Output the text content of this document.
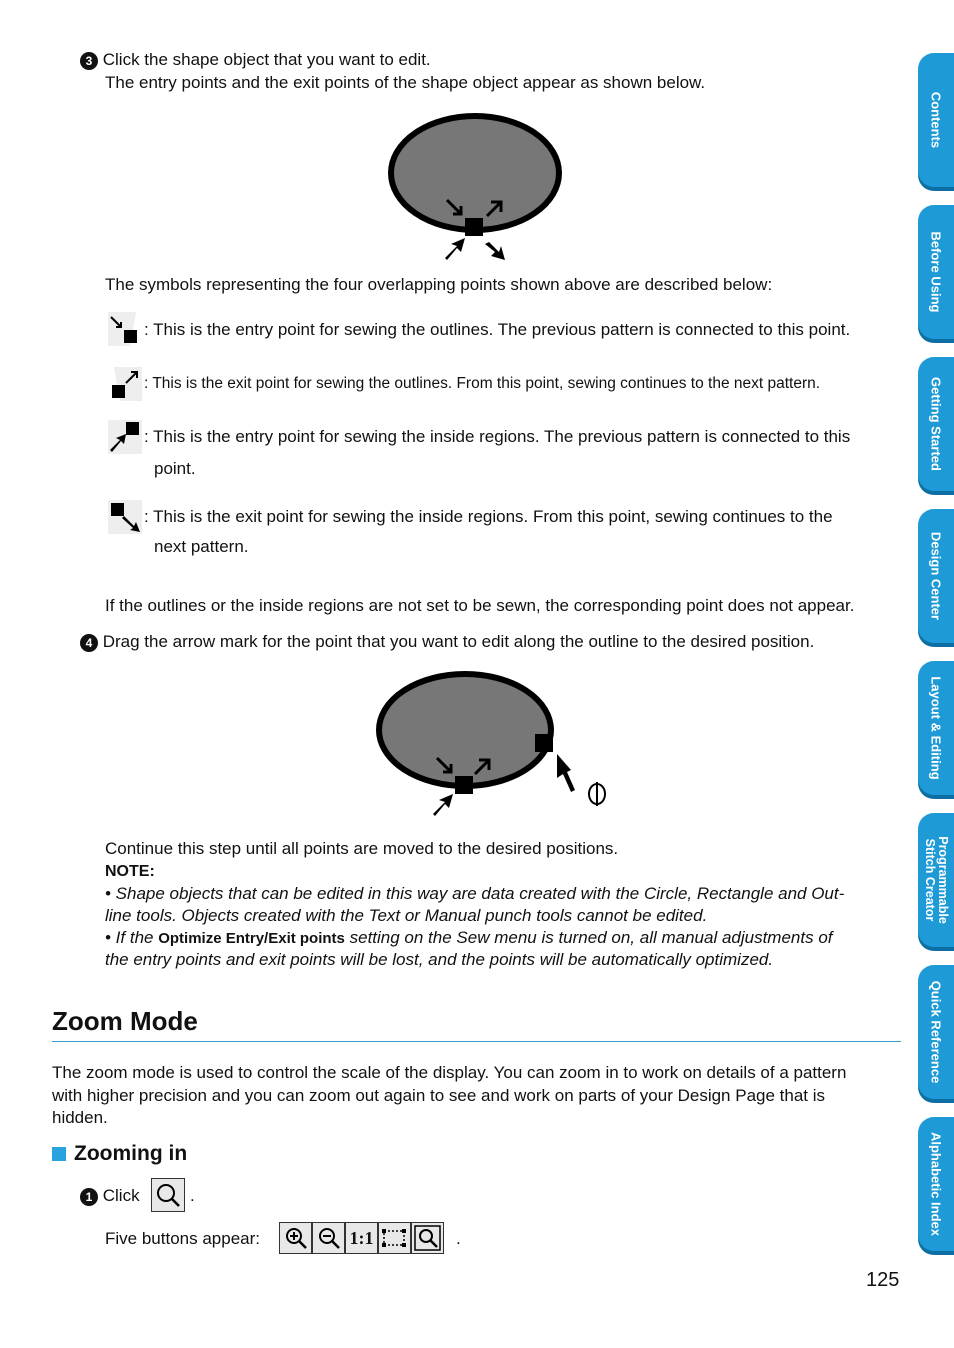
3 Click the shape object that you want to edit.
The entry points and the exit points of the shape object appear as shown below.
The symbols representing the four overlapping points shown above are described below:
: This is the entry point for sewing the outlines. The previous pattern is connected to this point.
: This is the exit point for sewing the outlines. From this point, sewing continues to the next pattern.
: This is the entry point for sewing the inside regions. The previous pattern is connected to this
point.
: This is the exit point for sewing the inside regions. From this point, sewing continues to the
next pattern.
If the outlines or the inside regions are not set to be sewn, the corresponding point does not appear.
4 Drag the arrow mark for the point that you want to edit along the outline to the desired position.
Continue this step until all points are moved to the desired positions.
NOTE:
• Shape objects that can be edited in this way are data created with the Circle, Rectangle and Out-
line tools. Objects created with the Text or Manual punch tools cannot be edited.
• If the Optimize Entry/Exit points setting on the Sew menu is turned on, all manual adjustments of
the entry points and exit points will be lost, and the points will be automatically optimized.
Zoom Mode
The zoom mode is used to control the scale of the display. You can zoom in to work on details of a pattern
with higher precision and you can zoom out again to see and work on parts of your Design Page that is
hidden.
Zooming in
1 Click	.
Five buttons appear:	1:1	.
125
Contents
Before Using
Getting Started
Design Center
Layout & Editing
Programmable Stitch Creator
Quick Reference
Alphabetic Index
